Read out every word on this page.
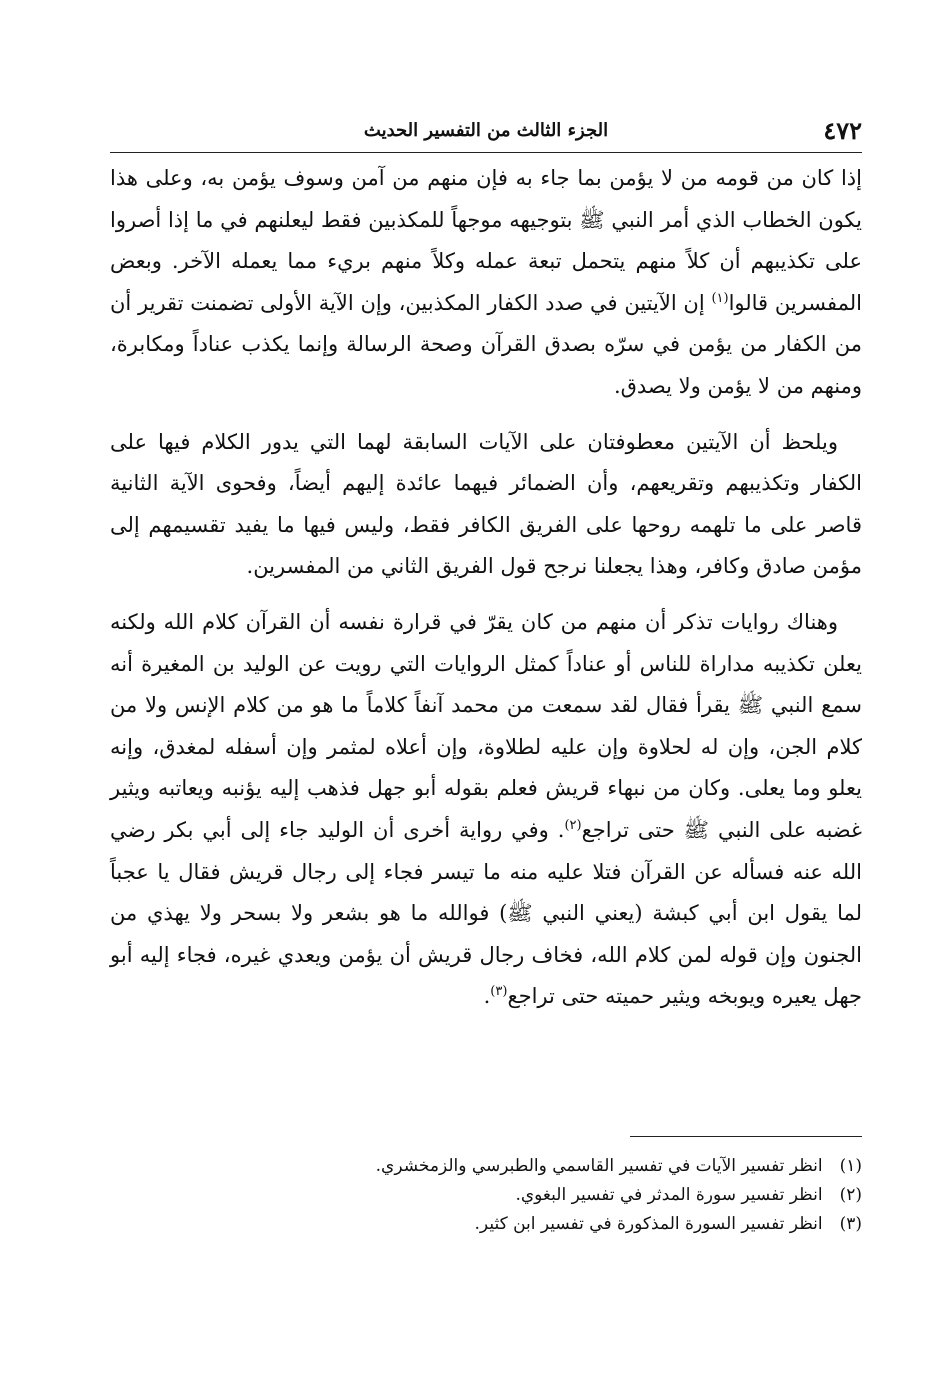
٤٧٢
الجزء الثالث من التفسير الحديث

إذا كان من قومه من لا يؤمن بما جاء به فإن منهم من آمن وسوف يؤمن به، وعلى هذا يكون الخطاب الذي أمر النبي ﷺ بتوجيهه موجهاً للمكذبين فقط ليعلنهم في ما إذا أصروا على تكذيبهم أن كلاً منهم يتحمل تبعة عمله وكلاً منهم بريء مما يعمله الآخر. وبعض المفسرين قالوا$^{(١)}$ إن الآيتين في صدد الكفار المكذبين، وإن الآية الأولى تضمنت تقرير أن من الكفار من يؤمن في سرّه بصدق القرآن وصحة الرسالة وإنما يكذب عناداً ومكابرة، ومنهم من لا يؤمن ولا يصدق.

ويلحظ أن الآيتين معطوفتان على الآيات السابقة لهما التي يدور الكلام فيها على الكفار وتكذيبهم وتقريعهم، وأن الضمائر فيهما عائدة إليهم أيضاً، وفحوى الآية الثانية قاصر على ما تلهمه روحها على الفريق الكافر فقط، وليس فيها ما يفيد تقسيمهم إلى مؤمن صادق وكافر، وهذا يجعلنا نرجح قول الفريق الثاني من المفسرين.

وهناك روايات تذكر أن منهم من كان يقرّ في قرارة نفسه أن القرآن كلام الله ولكنه يعلن تكذيبه مداراة للناس أو عناداً كمثل الروايات التي رويت عن الوليد بن المغيرة أنه سمع النبي ﷺ يقرأ فقال لقد سمعت من محمد آنفاً كلاماً ما هو من كلام الإنس ولا من كلام الجن، وإن له لحلاوة وإن عليه لطلاوة، وإن أعلاه لمثمر وإن أسفله لمغدق، وإنه يعلو وما يعلى. وكان من نبهاء قريش فعلم بقوله أبو جهل فذهب إليه يؤنبه ويعاتبه ويثير غضبه على النبي ﷺ حتى تراجع$^{(٢)}$. وفي رواية أخرى أن الوليد جاء إلى أبي بكر رضي الله عنه فسأله عن القرآن فتلا عليه منه ما تيسر فجاء إلى رجال قريش فقال يا عجباً لما يقول ابن أبي كبشة (يعني النبي ﷺ) فوالله ما هو بشعر ولا بسحر ولا يهذي من الجنون وإن قوله لمن كلام الله، فخاف رجال قريش أن يؤمن ويعدي غيره، فجاء إليه أبو جهل يعيره ويوبخه ويثير حميته حتى تراجع$^{(٣)}$.

(١) انظر تفسير الآيات في تفسير القاسمي والطبرسي والزمخشري.
(٢) انظر تفسير سورة المدثر في تفسير البغوي.
(٣) انظر تفسير السورة المذكورة في تفسير ابن كثير.
